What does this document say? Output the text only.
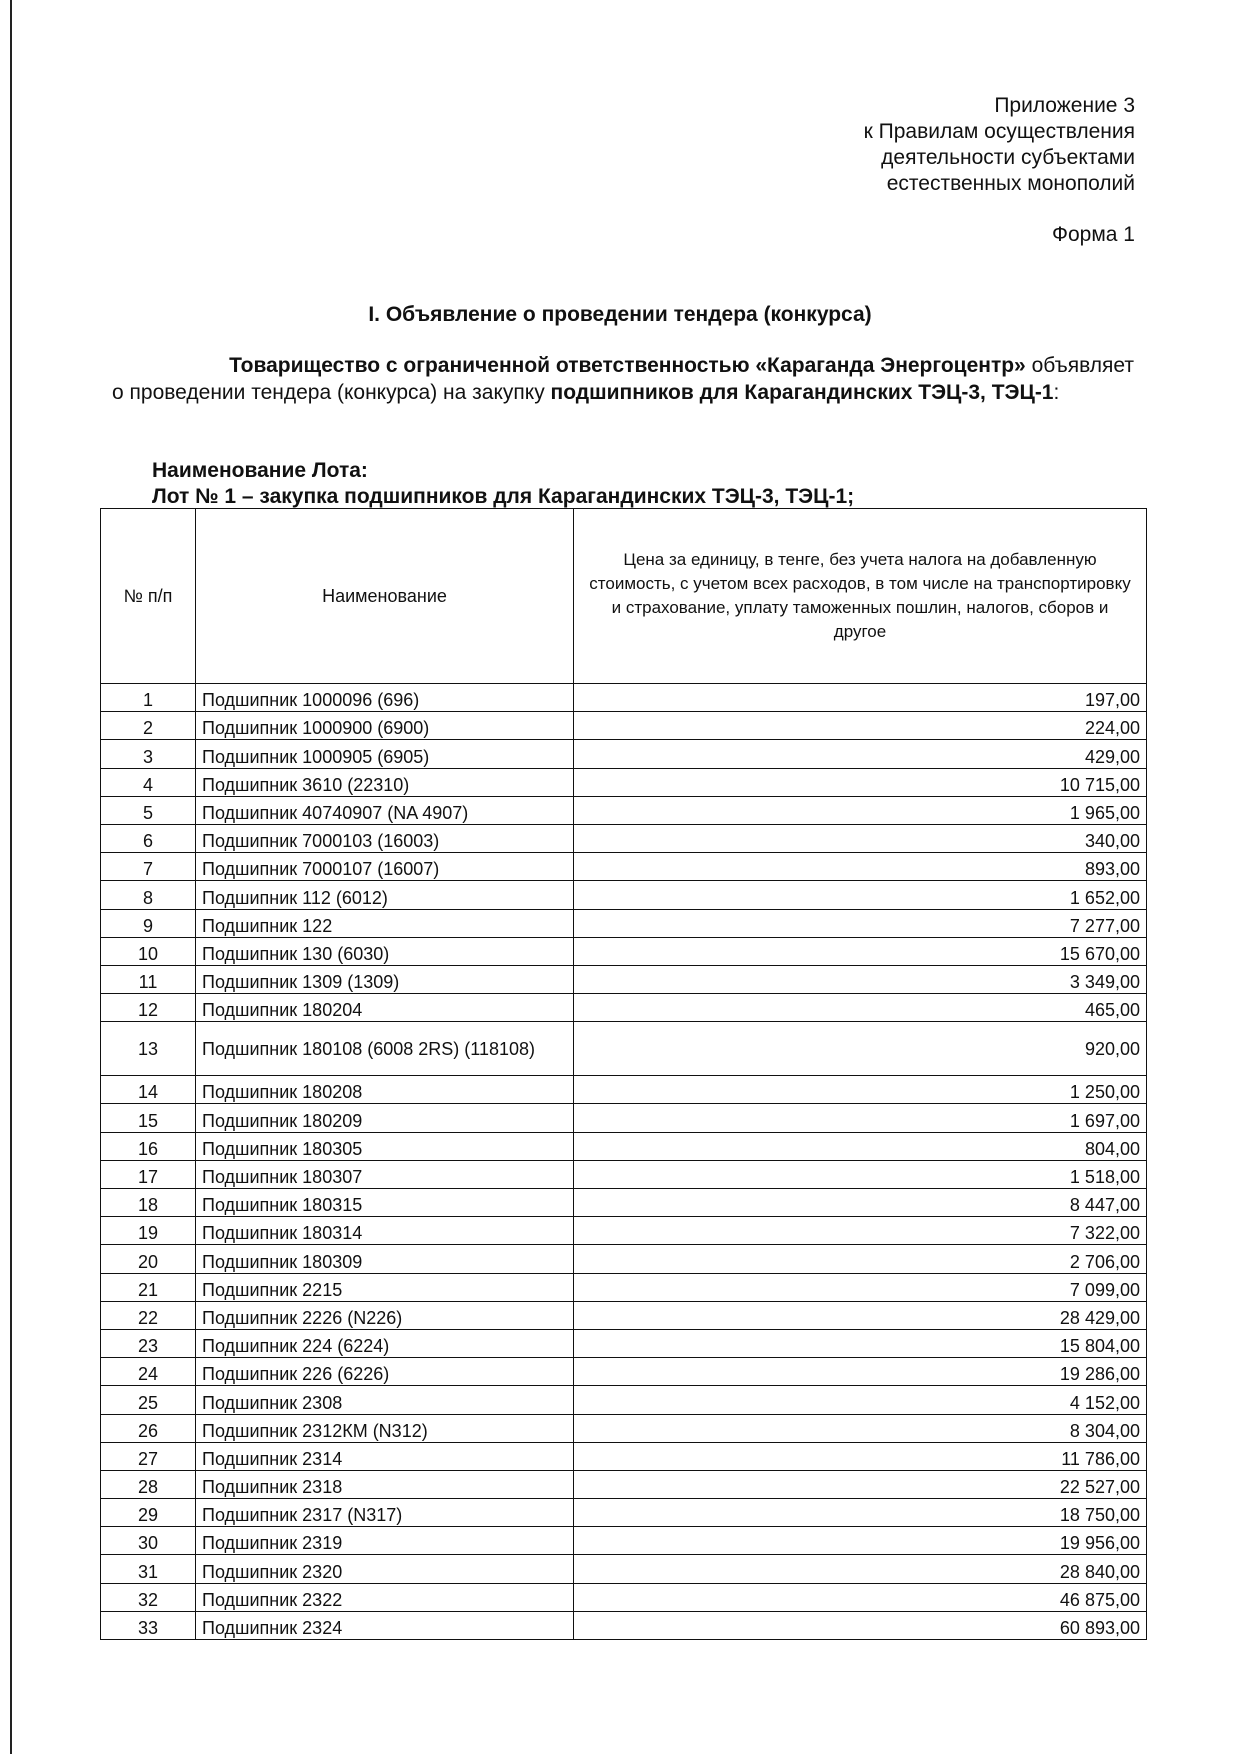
Приложение 3
к Правилам осуществления
деятельности субъектами
естественных монополий
Форма 1
I. Объявление о проведении тендера (конкурса)
Товарищество с ограниченной ответственностью «Караганда Энергоцентр» объявляет
о проведении тендера (конкурса) на закупку подшипников для Карагандинских ТЭЦ-3, ТЭЦ-1:
Наименование Лота:
Лот № 1 – закупка подшипников для Карагандинских ТЭЦ-3, ТЭЦ-1;
№ п/п	Наименование	Цена за единицу, в тенге, без учета налога на добавленную стоимость, с учетом всех расходов, в том числе на транспортировку и страхование, уплату таможенных пошлин, налогов, сборов и другое
1	Подшипник 1000096 (696)	197,00
2	Подшипник 1000900 (6900)	224,00
3	Подшипник 1000905 (6905)	429,00
4	Подшипник 3610 (22310)	10 715,00
5	Подшипник 40740907 (NA 4907)	1 965,00
6	Подшипник 7000103 (16003)	340,00
7	Подшипник 7000107 (16007)	893,00
8	Подшипник 112 (6012)	1 652,00
9	Подшипник 122	7 277,00
10	Подшипник 130 (6030)	15 670,00
11	Подшипник 1309 (1309)	3 349,00
12	Подшипник 180204	465,00
13	Подшипник 180108 (6008 2RS) (118108)	920,00
14	Подшипник 180208	1 250,00
15	Подшипник 180209	1 697,00
16	Подшипник 180305	804,00
17	Подшипник 180307	1 518,00
18	Подшипник 180315	8 447,00
19	Подшипник 180314	7 322,00
20	Подшипник 180309	2 706,00
21	Подшипник 2215	7 099,00
22	Подшипник 2226 (N226)	28 429,00
23	Подшипник 224 (6224)	15 804,00
24	Подшипник 226 (6226)	19 286,00
25	Подшипник 2308	4 152,00
26	Подшипник 2312КМ (N312)	8 304,00
27	Подшипник 2314	11 786,00
28	Подшипник 2318	22 527,00
29	Подшипник 2317 (N317)	18 750,00
30	Подшипник 2319	19 956,00
31	Подшипник 2320	28 840,00
32	Подшипник 2322	46 875,00
33	Подшипник 2324	60 893,00
